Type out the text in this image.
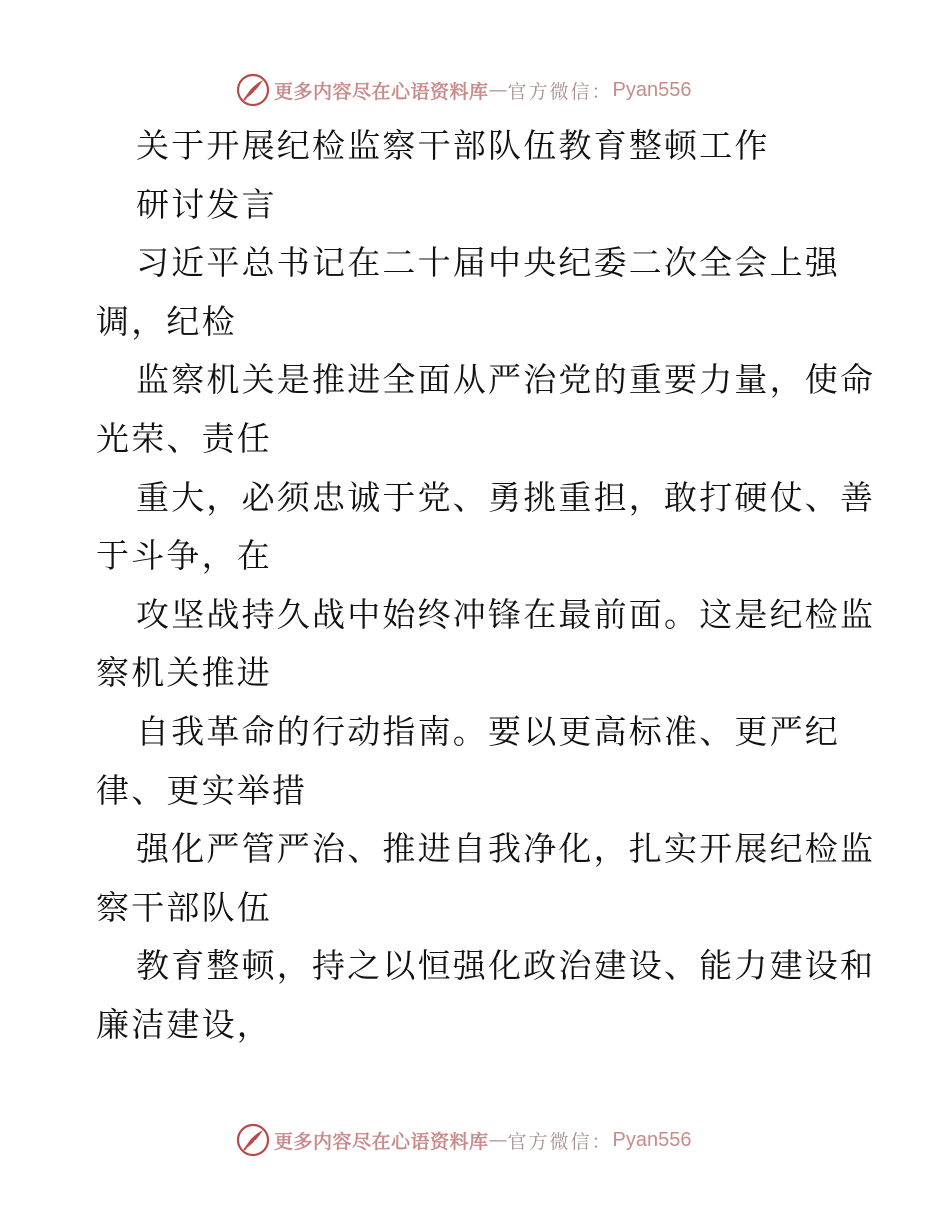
更多内容尽在心语资料库 — 官方微信： Pyan556
关于开展纪检监察干部队伍教育整顿工作
研讨发言
习近平总书记在二十届中央纪委二次全会上强
调，纪检
监察机关是推进全面从严治党的重要力量，使命
光荣、责任
重大，必须忠诚于党、勇挑重担，敢打硬仗、善
于斗争，在
攻坚战持久战中始终冲锋在最前面。这是纪检监
察机关推进
自我革命的行动指南。要以更高标准、更严纪
律、更实举措
强化严管严治、推进自我净化，扎实开展纪检监
察干部队伍
教育整顿，持之以恒强化政治建设、能力建设和
廉洁建设，
更多内容尽在心语资料库 — 官方微信： Pyan556
